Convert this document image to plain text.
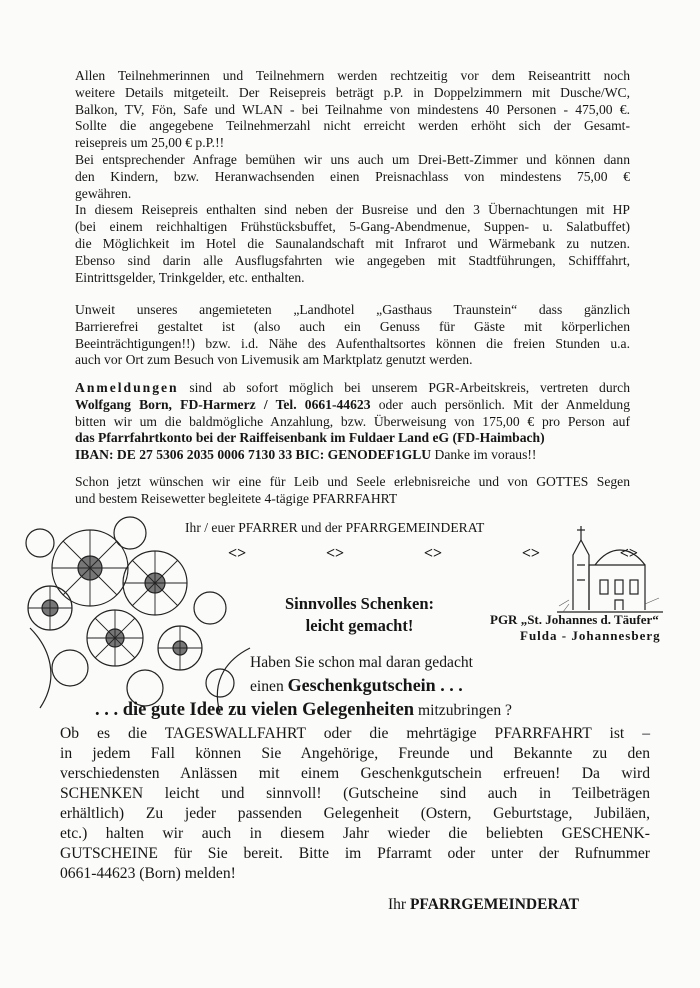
Allen Teilnehmerinnen und Teilnehmern werden rechtzeitig vor dem Reiseantritt noch
weitere Details mitgeteilt. Der Reisepreis beträgt p.P. in Doppelzimmern mit Dusche/WC,
Balkon, TV, Fön, Safe und WLAN - bei Teilnahme von mindestens 40 Personen - 475,00 €.
Sollte die angegebene Teilnehmerzahl nicht erreicht werden erhöht sich der Gesamt-
reisepreis um 25,00 € p.P.!!
Bei entsprechender Anfrage bemühen wir uns auch um Drei-Bett-Zimmer und können dann
den Kindern, bzw. Heranwachsenden einen Preisnachlass von mindestens 75,00 €
gewähren.
In diesem Reisepreis enthalten sind neben der Busreise und den 3 Übernachtungen mit HP
(bei einem reichhaltigen Frühstücksbuffet, 5-Gang-Abendmenue, Suppen- u. Salatbuffet)
die Möglichkeit im Hotel die Saunalandschaft mit Infrarot und Wärmebank zu nutzen.
Ebenso sind darin alle Ausflugsfahrten wie angegeben mit Stadtführungen, Schifffahrt,
Eintrittsgelder, Trinkgelder, etc. enthalten.
Unweit unseres angemieteten „Landhotel „Gasthaus Traunstein“ dass gänzlich
Barrierefrei gestaltet ist (also auch ein Genuss für Gäste mit körperlichen
Beeinträchtigungen!!) bzw. i.d. Nähe des Aufenthaltsortes können die freien Stunden u.a.
auch vor Ort zum Besuch von Livemusik am Marktplatz genutzt werden.
Anmeldungen sind ab sofort möglich bei unserem PGR-Arbeitskreis, vertreten durch
Wolfgang Born, FD-Harmerz / Tel. 0661-44623 oder auch persönlich. Mit der Anmeldung
bitten wir um die baldmögliche Anzahlung, bzw. Überweisung von 175,00 € pro Person auf
das Pfarrfahrtkonto bei der Raiffeisenbank im Fuldaer Land eG (FD-Haimbach)
IBAN: DE 27 5306 2035 0006 7130 33 BIC: GENODEF1GLU Danke im voraus!!
Schon jetzt wünschen wir eine für Leib und Seele erlebnisreiche und von GOTTES Segen
und bestem Reisewetter begleitete 4-tägige PFARRFAHRT
Ihr / euer PFARRER und der PFARRGEMEINDERAT
<>	<>	<>	<>	<>
PGR „St. Johannes d. Täufer“
Fulda - Johannesberg
Sinnvolles Schenken:
leicht gemacht!
Haben Sie schon mal daran gedacht
einen Geschenkgutschein . . .
. . . die gute Idee zu vielen Gelegenheiten mitzubringen ?
Ob es die TAGESWALLFAHRT oder die mehrtägige PFARRFAHRT ist –
in jedem Fall können Sie Angehörige, Freunde und Bekannte zu den
verschiedensten Anlässen mit einem Geschenkgutschein erfreuen! Da wird
SCHENKEN leicht und sinnvoll! (Gutscheine sind auch in Teilbeträgen
erhältlich) Zu jeder passenden Gelegenheit (Ostern, Geburtstage, Jubiläen,
etc.) halten wir auch in diesem Jahr wieder die beliebten GESCHENK-
GUTSCHEINE für Sie bereit. Bitte im Pfarramt oder unter der Rufnummer
0661-44623 (Born) melden!
Ihr PFARRGEMEINDERAT
